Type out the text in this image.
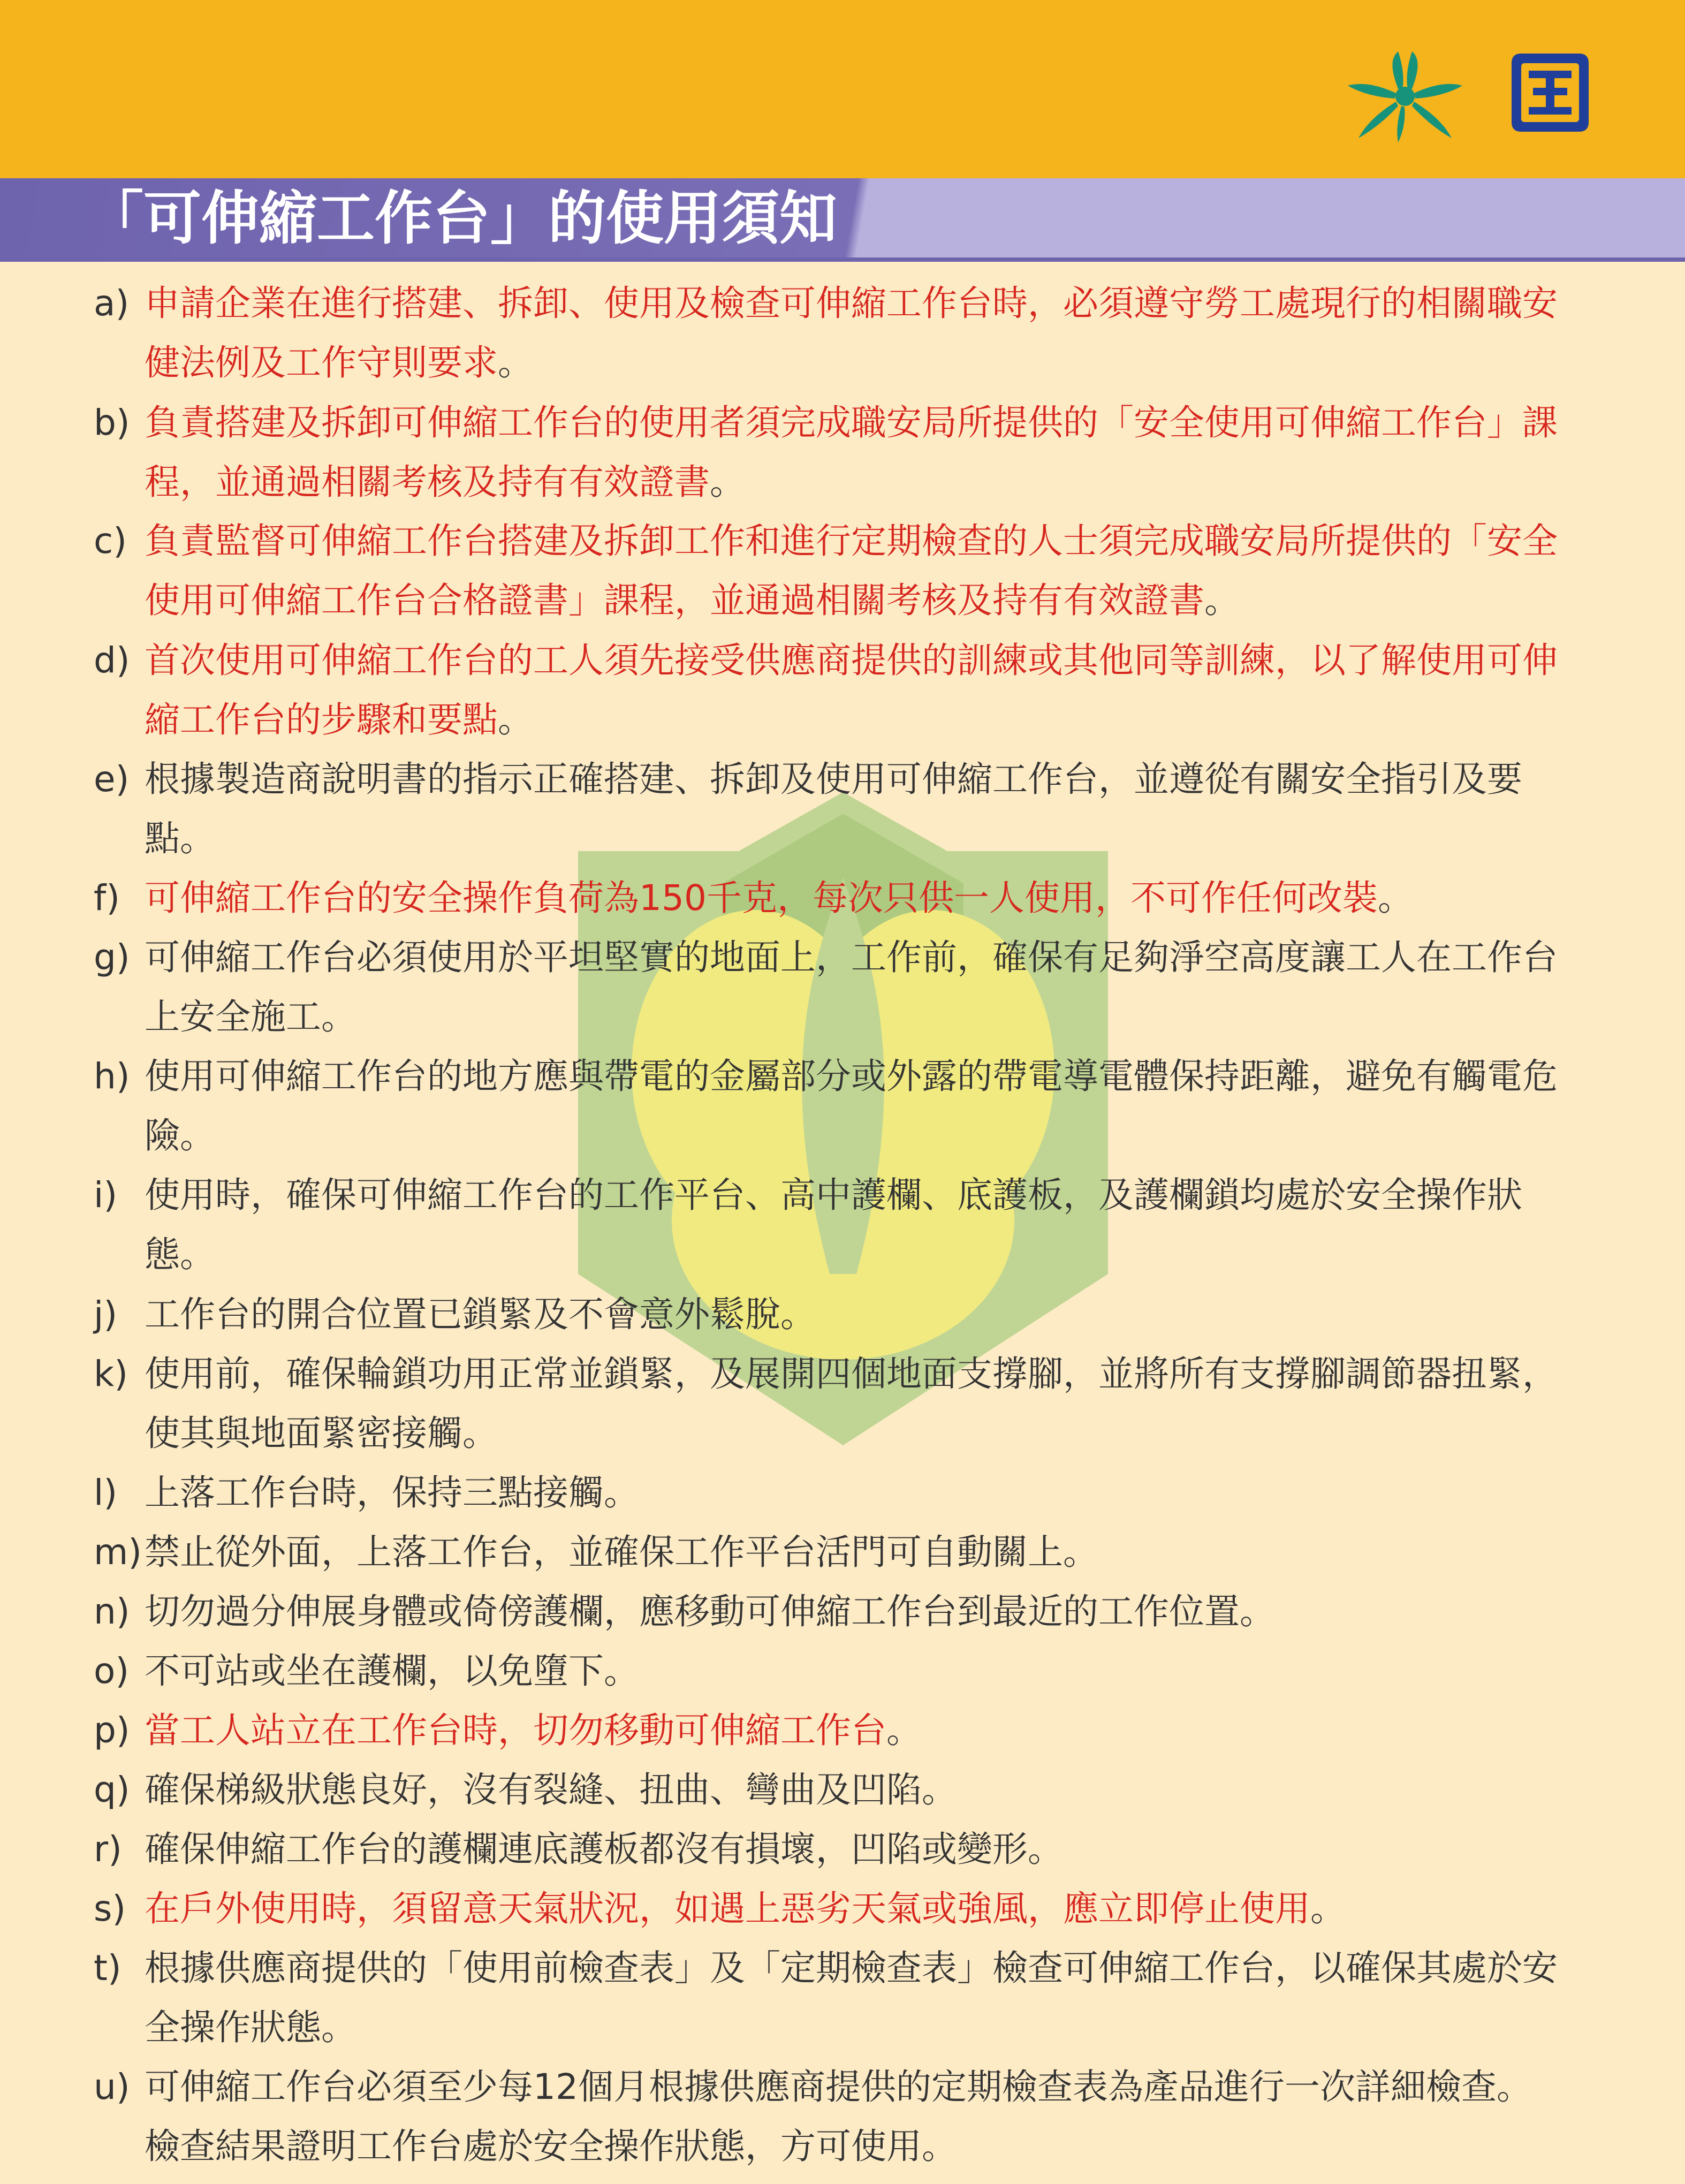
「可伸縮工作台」的使用須知
a) 申請企業在進行搭建、拆卸、使用及檢查可伸縮工作台時，必須遵守勞工處現行的相關職安健法例及工作守則要求。
b) 負責搭建及拆卸可伸縮工作台的使用者須完成職安局所提供的「安全使用可伸縮工作台」課程，並通過相關考核及持有有效證書。
c) 負責監督可伸縮工作台搭建及拆卸工作和進行定期檢查的人士須完成職安局所提供的「安全使用可伸縮工作台合格證書」課程，並通過相關考核及持有有效證書。
d) 首次使用可伸縮工作台的工人須先接受供應商提供的訓練或其他同等訓練，以了解使用可伸縮工作台的步驟和要點。
e) 根據製造商說明書的指示正確搭建、拆卸及使用可伸縮工作台，並遵從有關安全指引及要點。
f) 可伸縮工作台的安全操作負荷為150千克，每次只供一人使用，不可作任何改裝。
g) 可伸縮工作台必須使用於平坦堅實的地面上，工作前，確保有足夠淨空高度讓工人在工作台上安全施工。
h) 使用可伸縮工作台的地方應與帶電的金屬部分或外露的帶電導電體保持距離，避免有觸電危險。
i) 使用時，確保可伸縮工作台的工作平台、高中護欄、底護板，及護欄鎖均處於安全操作狀態。
j) 工作台的開合位置已鎖緊及不會意外鬆脫。
k) 使用前，確保輪鎖功用正常並鎖緊，及展開四個地面支撐腳，並將所有支撐腳調節器扭緊，使其與地面緊密接觸。
l) 上落工作台時，保持三點接觸。
m) 禁止從外面，上落工作台，並確保工作平台活門可自動關上。
n) 切勿過分伸展身體或倚傍護欄，應移動可伸縮工作台到最近的工作位置。
o) 不可站或坐在護欄，以免墮下。
p) 當工人站立在工作台時，切勿移動可伸縮工作台。
q) 確保梯級狀態良好，沒有裂縫、扭曲、彎曲及凹陷。
r) 確保伸縮工作台的護欄連底護板都沒有損壞，凹陷或變形。
s) 在戶外使用時，須留意天氣狀況，如遇上惡劣天氣或強風，應立即停止使用。
t) 根據供應商提供的「使用前檢查表」及「定期檢查表」檢查可伸縮工作台，以確保其處於安全操作狀態。
u) 可伸縮工作台必須至少每12個月根據供應商提供的定期檢查表為產品進行一次詳細檢查。檢查結果證明工作台處於安全操作狀態，方可使用。
